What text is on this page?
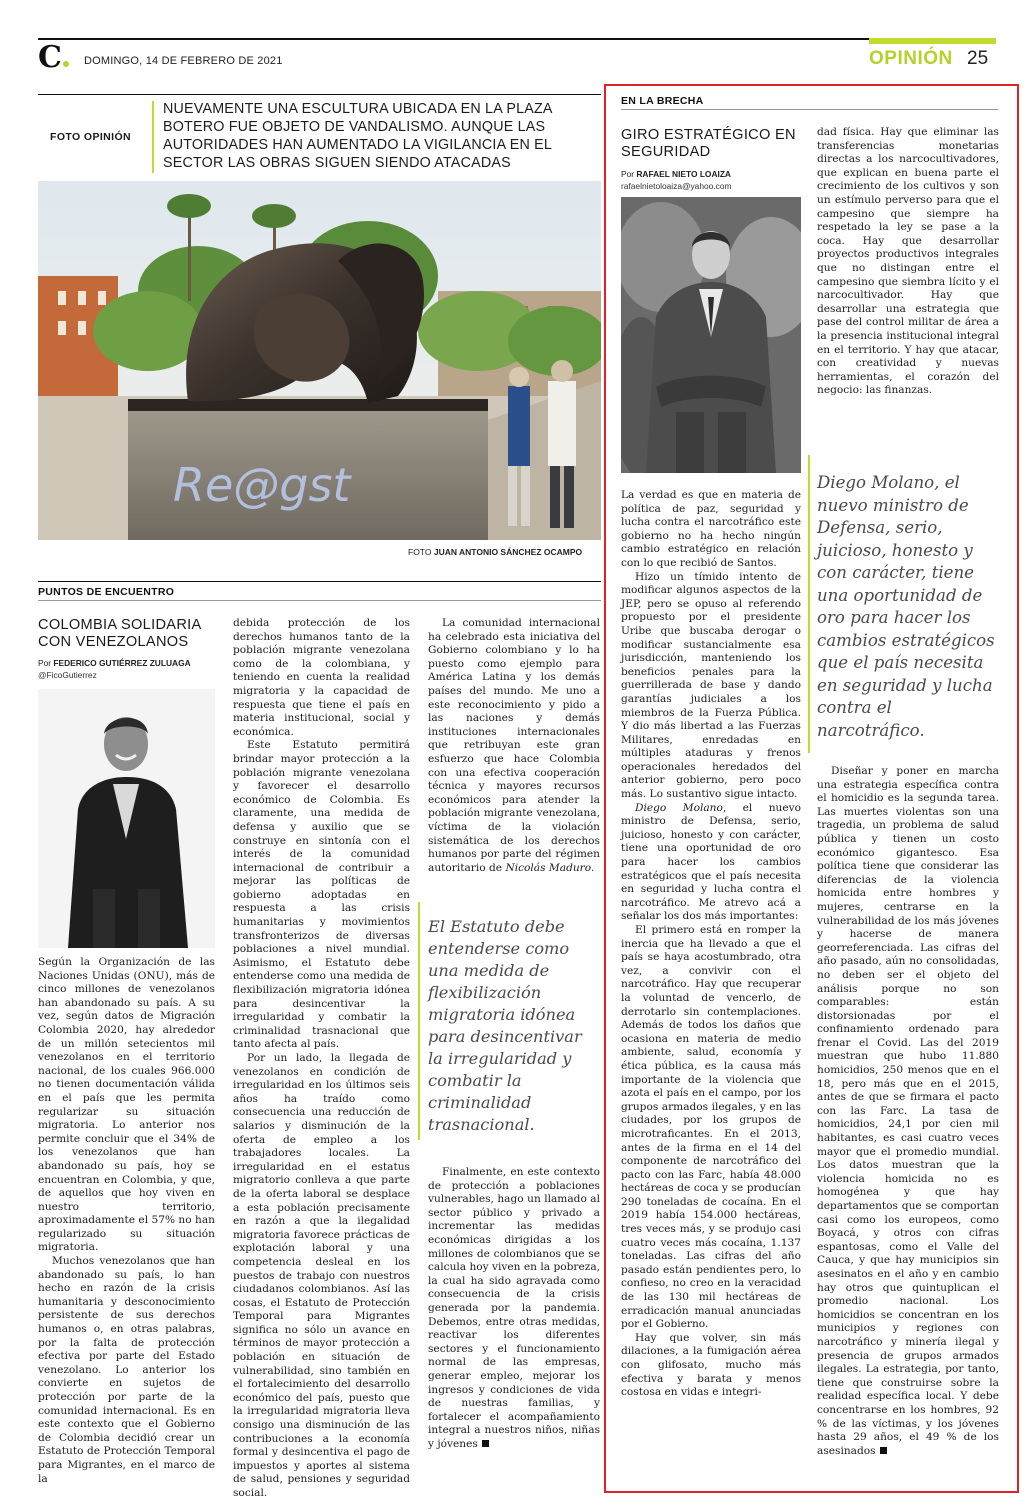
C	DOMINGO, 14 DE FEBRERO DE 2021	OPINIÓN 25
FOTO OPINIÓN
NUEVAMENTE UNA ESCULTURA UBICADA EN LA PLAZA BOTERO FUE OBJETO DE VANDALISMO. AUNQUE LAS AUTORIDADES HAN AUMENTADO LA VIGILANCIA EN EL SECTOR LAS OBRAS SIGUEN SIENDO ATACADAS
Re@gst
FOTO JUAN ANTONIO SÁNCHEZ OCAMPO
PUNTOS DE ENCUENTRO
COLOMBIA SOLIDARIA CON VENEZOLANOS
Por FEDERICO GUTIÉRREZ ZULUAGA
@FicoGutierrez

Según la Organización de las Naciones Unidas (ONU), más de cinco millones de venezolanos han abandonado su país. A su vez, según datos de Migración Colombia 2020, hay alrededor de un millón setecientos mil venezolanos en el territorio nacional, de los cuales 966.000 no tienen documentación válida en el país que les permita regularizar su situación migratoria. Lo anterior nos permite concluir que el 34% de los venezolanos que han abandonado su país, hoy se encuentran en Colombia, y que, de aquellos que hoy viven en nuestro territorio, aproximadamente el 57% no han regularizado su situación migratoria.

Muchos venezolanos que han abandonado su país, lo han hecho en razón de la crisis humanitaria y desconocimiento persistente de sus derechos humanos o, en otras palabras, por la falta de protección efectiva por parte del Estado venezolano. Lo anterior los convierte en sujetos de protección por parte de la comunidad internacional. Es en este contexto que el Gobierno de Colombia decidió crear un Estatuto de Protección Temporal para Migrantes, en el marco de la

debida protección de los derechos humanos tanto de la población migrante venezolana como de la colombiana, y teniendo en cuenta la realidad migratoria y la capacidad de respuesta que tiene el país en materia institucional, social y económica.

Este Estatuto permitirá brindar mayor protección a la población migrante venezolana y favorecer el desarrollo económico de Colombia. Es claramente, una medida de defensa y auxilio que se construye en sintonía con el interés de la comunidad internacional de contribuir a mejorar las políticas de gobierno adoptadas en respuesta a las crisis humanitarias y movimientos transfronterizos de diversas poblaciones a nivel mundial. Asimismo, el Estatuto debe entenderse como una medida de flexibilización migratoria idónea para desincentivar la irregularidad y combatir la criminalidad trasnacional que tanto afecta al país.

Por un lado, la llegada de venezolanos en condición de irregularidad en los últimos seis años ha traído como consecuencia una reducción de salarios y disminución de la oferta de empleo a los trabajadores locales. La irregularidad en el estatus migratorio conlleva a que parte de la oferta laboral se desplace a esta población precisamente en razón a que la ilegalidad migratoria favorece prácticas de explotación laboral y una competencia desleal en los puestos de trabajo con nuestros ciudadanos colombianos. Así las cosas, el Estatuto de Protección Temporal para Migrantes significa no sólo un avance en términos de mayor protección a población en situación de vulnerabilidad, sino también en el fortalecimiento del desarrollo económico del país, puesto que la irregularidad migratoria lleva consigo una disminución de las contribuciones a la economía formal y desincentiva el pago de impuestos y aportes al sistema de salud, pensiones y seguridad social.

La comunidad internacional ha celebrado esta iniciativa del Gobierno colombiano y lo ha puesto como ejemplo para América Latina y los demás países del mundo. Me uno a este reconocimiento y pido a las naciones y demás instituciones internacionales que retribuyan este gran esfuerzo que hace Colombia con una efectiva cooperación técnica y mayores recursos económicos para atender la población migrante venezolana, víctima de la violación sistemática de los derechos humanos por parte del régimen autoritario de Nicolás Maduro.

El Estatuto debe entenderse como una medida de flexibilización migratoria idónea para desincentivar la irregularidad y combatir la criminalidad trasnacional.

Finalmente, en este contexto de protección a poblaciones vulnerables, hago un llamado al sector público y privado a incrementar las medidas económicas dirigidas a los millones de colombianos que se calcula hoy viven en la pobreza, la cual ha sido agravada como consecuencia de la crisis generada por la pandemia. Debemos, entre otras medidas, reactivar los diferentes sectores y el funcionamiento normal de las empresas, generar empleo, mejorar los ingresos y condiciones de vida de nuestras familias, y fortalecer el acompañamiento integral a nuestros niños, niñas y jóvenes

EN LA BRECHA
GIRO ESTRATÉGICO EN SEGURIDAD
Por RAFAEL NIETO LOAIZA
rafaelnietoloaiza@yahoo.com

La verdad es que en materia de política de paz, seguridad y lucha contra el narcotráfico este gobierno no ha hecho ningún cambio estratégico en relación con lo que recibió de Santos.

Hizo un tímido intento de modificar algunos aspectos de la JEP, pero se opuso al referendo propuesto por el presidente Uribe que buscaba derogar o modificar sustancialmente esa jurisdicción, manteniendo los beneficios penales para la guerrillerada de base y dando garantías judiciales a los miembros de la Fuerza Pública. Y dio más libertad a las Fuerzas Militares, enredadas en múltiples ataduras y frenos operacionales heredados del anterior gobierno, pero poco más. Lo sustantivo sigue intacto.

Diego Molano, el nuevo ministro de Defensa, serio, juicioso, honesto y con carácter, tiene una oportunidad de oro para hacer los cambios estratégicos que el país necesita en seguridad y lucha contra el narcotráfico. Me atrevo acá a señalar los dos más importantes:

El primero está en romper la inercia que ha llevado a que el país se haya acostumbrado, otra vez, a convivir con el narcotráfico. Hay que recuperar la voluntad de vencerlo, de derrotarlo sin contemplaciones. Además de todos los daños que ocasiona en materia de medio ambiente, salud, economía y ética pública, es la causa más importante de la violencia que azota el país en el campo, por los grupos armados ilegales, y en las ciudades, por los grupos de microtraficantes. En el 2013, antes de la firma en el 14 del componente de narcotráfico del pacto con las Farc, había 48.000 hectáreas de coca y se producían 290 toneladas de cocaína. En el 2019 había 154.000 hectáreas, tres veces más, y se produjo casi cuatro veces más cocaína, 1.137 toneladas. Las cifras del año pasado están pendientes pero, lo confieso, no creo en la veracidad de las 130 mil hectáreas de erradicación manual anunciadas por el Gobierno.

Hay que volver, sin más dilaciones, a la fumigación aérea con glifosato, mucho más efectiva y barata y menos costosa en vidas e integri-

dad física. Hay que eliminar las transferencias monetarias directas a los narcocultivadores, que explican en buena parte el crecimiento de los cultivos y son un estímulo perverso para que el campesino que siempre ha respetado la ley se pase a la coca. Hay que desarrollar proyectos productivos integrales que no distingan entre el campesino que siembra lícito y el narcocultivador. Hay que desarrollar una estrategia que pase del control militar de área a la presencia institucional integral en el territorio. Y hay que atacar, con creatividad y nuevas herramientas, el corazón del negocio: las finanzas.

Diego Molano, el nuevo ministro de Defensa, serio, juicioso, honesto y con carácter, tiene una oportunidad de oro para hacer los cambios estratégicos que el país necesita en seguridad y lucha contra el narcotráfico.

Diseñar y poner en marcha una estrategia específica contra el homicidio es la segunda tarea. Las muertes violentas son una tragedia, un problema de salud pública y tienen un costo económico gigantesco. Esa política tiene que considerar las diferencias de la violencia homicida entre hombres y mujeres, centrarse en la vulnerabilidad de los más jóvenes y hacerse de manera georreferenciada. Las cifras del año pasado, aún no consolidadas, no deben ser el objeto del análisis porque no son comparables: están distorsionadas por el confinamiento ordenado para frenar el Covid. Las del 2019 muestran que hubo 11.880 homicidios, 250 menos que en el 18, pero más que en el 2015, antes de que se firmara el pacto con las Farc. La tasa de homicidios, 24,1 por cien mil habitantes, es casi cuatro veces mayor que el promedio mundial. Los datos muestran que la violencia homicida no es homogénea y que hay departamentos que se comportan casi como los europeos, como Boyacá, y otros con cifras espantosas, como el Valle del Cauca, y que hay municipios sin asesinatos en el año y en cambio hay otros que quintuplican el promedio nacional. Los homicidios se concentran en los municipios y regiones con narcotráfico y minería ilegal y presencia de grupos armados ilegales. La estrategia, por tanto, tiene que construirse sobre la realidad específica local. Y debe concentrarse en los hombres, 92 % de las víctimas, y los jóvenes hasta 29 años, el 49 % de los asesinados
